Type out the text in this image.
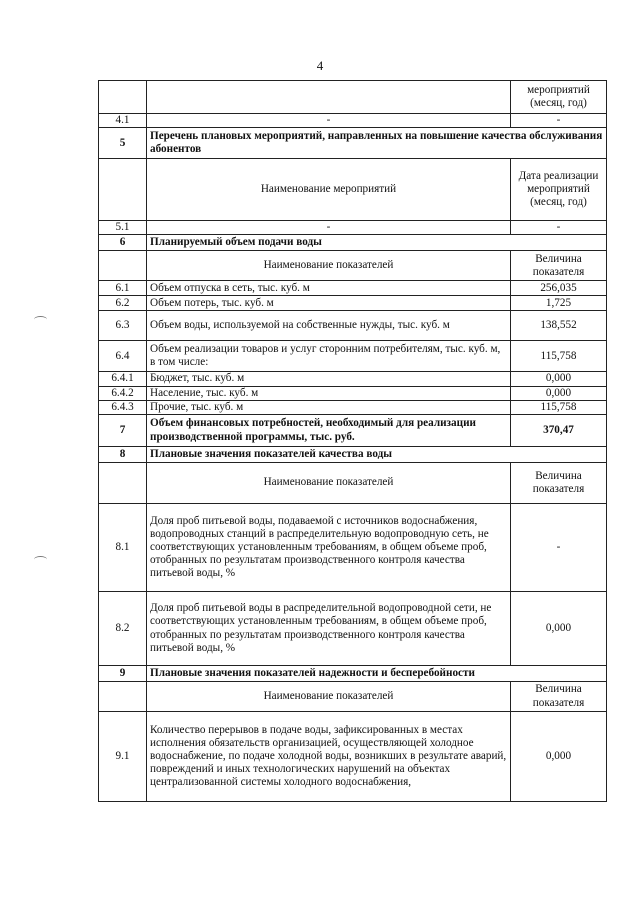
4
		мероприятий (месяц, год)
4.1	-	-
5	Перечень плановых мероприятий, направленных на повышение качества обслуживания абонентов	
	Наименование мероприятий	Дата реализации мероприятий (месяц, год)
5.1	-	-
6	Планируемый объем подачи воды	
	Наименование показателей	Величина показателя
6.1	Объем отпуска в сеть, тыс. куб. м	256,035
6.2	Объем потерь, тыс. куб. м	1,725
6.3	Объем воды, используемой на собственные нужды, тыс. куб. м	138,552
6.4	Объем реализации товаров и услуг сторонним потребителям, тыс. куб. м, в том числе:	115,758
6.4.1	Бюджет, тыс. куб. м	0,000
6.4.2	Население, тыс. куб. м	0,000
6.4.3	Прочие, тыс. куб. м	115,758
7	Объем финансовых потребностей, необходимый для реализации производственной программы, тыс. руб.	370,47
8	Плановые значения показателей качества воды	
	Наименование показателей	Величина показателя
8.1	Доля проб питьевой воды, подаваемой с источников водоснабжения, водопроводных станций в распределительную водопроводную сеть, не соответствующих установленным требованиям, в общем объеме проб, отобранных по результатам производственного контроля качества питьевой воды, %	-
8.2	Доля проб питьевой воды в распределительной водопроводной сети, не соответствующих установленным требованиям, в общем объеме проб, отобранных по результатам производственного контроля качества питьевой воды, %	0,000
9	Плановые значения показателей надежности и бесперебойности	
	Наименование показателей	Величина показателя
9.1	Количество перерывов в подаче воды, зафиксированных в местах исполнения обязательств организацией, осуществляющей холодное водоснабжение, по подаче холодной воды, возникших в результате аварий, повреждений и иных технологических нарушений на объектах централизованной системы холодного водоснабжения,	0,000
